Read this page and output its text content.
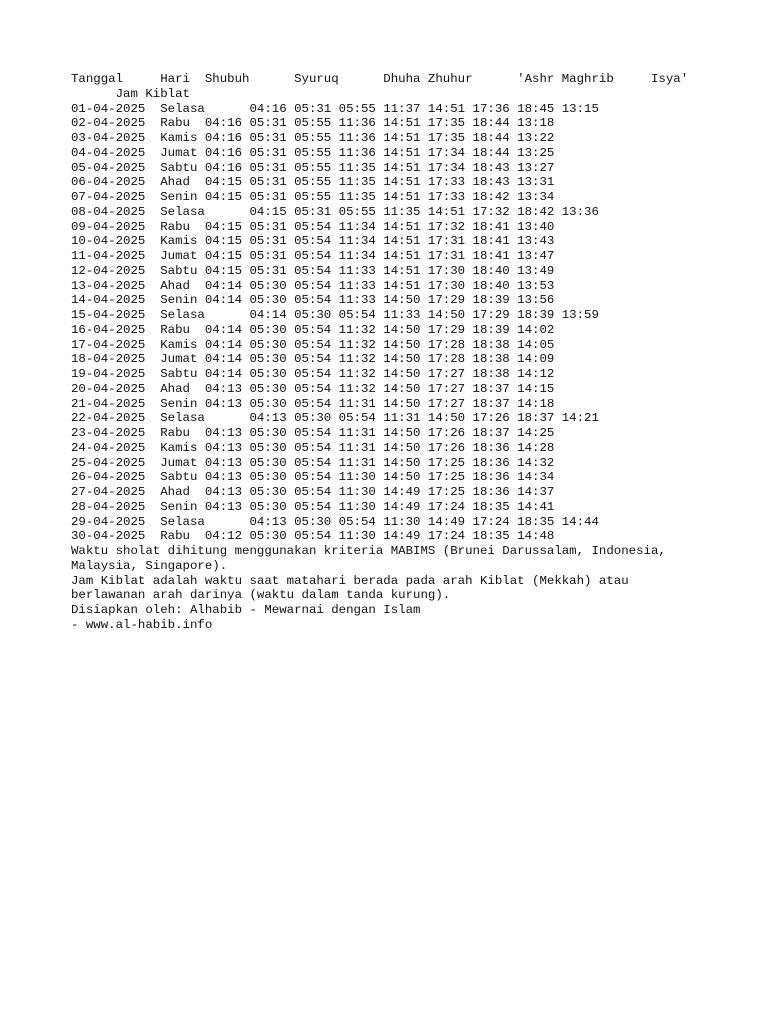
Tanggal     Hari  Shubuh      Syuruq      Dhuha Zhuhur      'Ashr Maghrib     Isya'
Jam Kiblat
01-04-2025  Selasa      04:16 05:31 05:55 11:37 14:51 17:36 18:45 13:15
02-04-2025  Rabu  04:16 05:31 05:55 11:36 14:51 17:35 18:44 13:18
03-04-2025  Kamis 04:16 05:31 05:55 11:36 14:51 17:35 18:44 13:22
04-04-2025  Jumat 04:16 05:31 05:55 11:36 14:51 17:34 18:44 13:25
05-04-2025  Sabtu 04:16 05:31 05:55 11:35 14:51 17:34 18:43 13:27
06-04-2025  Ahad  04:15 05:31 05:55 11:35 14:51 17:33 18:43 13:31
07-04-2025  Senin 04:15 05:31 05:55 11:35 14:51 17:33 18:42 13:34
08-04-2025  Selasa      04:15 05:31 05:55 11:35 14:51 17:32 18:42 13:36
09-04-2025  Rabu  04:15 05:31 05:54 11:34 14:51 17:32 18:41 13:40
10-04-2025  Kamis 04:15 05:31 05:54 11:34 14:51 17:31 18:41 13:43
11-04-2025  Jumat 04:15 05:31 05:54 11:34 14:51 17:31 18:41 13:47
12-04-2025  Sabtu 04:15 05:31 05:54 11:33 14:51 17:30 18:40 13:49
13-04-2025  Ahad  04:14 05:30 05:54 11:33 14:51 17:30 18:40 13:53
14-04-2025  Senin 04:14 05:30 05:54 11:33 14:50 17:29 18:39 13:56
15-04-2025  Selasa      04:14 05:30 05:54 11:33 14:50 17:29 18:39 13:59
16-04-2025  Rabu  04:14 05:30 05:54 11:32 14:50 17:29 18:39 14:02
17-04-2025  Kamis 04:14 05:30 05:54 11:32 14:50 17:28 18:38 14:05
18-04-2025  Jumat 04:14 05:30 05:54 11:32 14:50 17:28 18:38 14:09
19-04-2025  Sabtu 04:14 05:30 05:54 11:32 14:50 17:27 18:38 14:12
20-04-2025  Ahad  04:13 05:30 05:54 11:32 14:50 17:27 18:37 14:15
21-04-2025  Senin 04:13 05:30 05:54 11:31 14:50 17:27 18:37 14:18
22-04-2025  Selasa      04:13 05:30 05:54 11:31 14:50 17:26 18:37 14:21
23-04-2025  Rabu  04:13 05:30 05:54 11:31 14:50 17:26 18:37 14:25
24-04-2025  Kamis 04:13 05:30 05:54 11:31 14:50 17:26 18:36 14:28
25-04-2025  Jumat 04:13 05:30 05:54 11:31 14:50 17:25 18:36 14:32
26-04-2025  Sabtu 04:13 05:30 05:54 11:30 14:50 17:25 18:36 14:34
27-04-2025  Ahad  04:13 05:30 05:54 11:30 14:49 17:25 18:36 14:37
28-04-2025  Senin 04:13 05:30 05:54 11:30 14:49 17:24 18:35 14:41
29-04-2025  Selasa      04:13 05:30 05:54 11:30 14:49 17:24 18:35 14:44
30-04-2025  Rabu  04:12 05:30 05:54 11:30 14:49 17:24 18:35 14:48
Waktu sholat dihitung menggunakan kriteria MABIMS (Brunei Darussalam, Indonesia,
Malaysia, Singapore).
Jam Kiblat adalah waktu saat matahari berada pada arah Kiblat (Mekkah) atau
berlawanan arah darinya (waktu dalam tanda kurung).
Disiapkan oleh: Alhabib - Mewarnai dengan Islam
- www.al-habib.info
